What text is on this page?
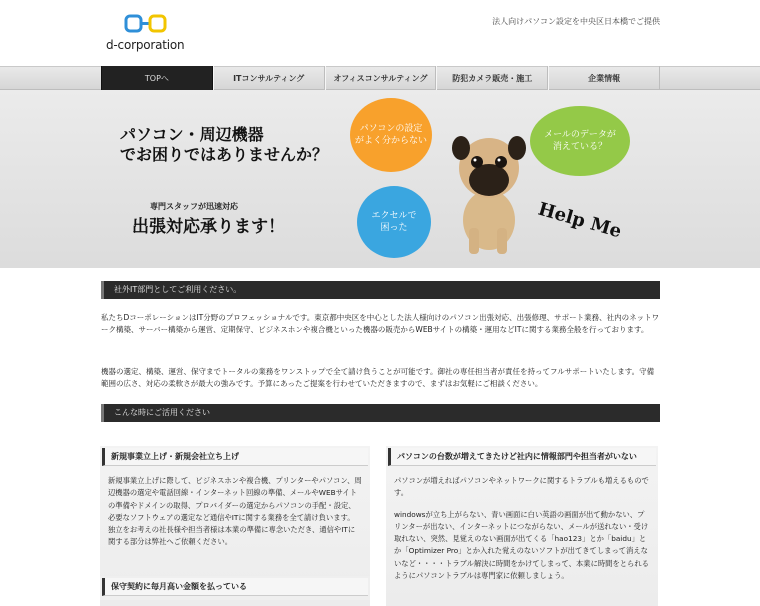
d-corporation
法人向けパソコン設定を中央区日本橋でご提供
TOPへ	ITコンサルティング	オフィスコンサルティング	防犯カメラ販売・施工	企業情報
パソコン・周辺機器
でお困りではありませんか？
専門スタッフが迅速対応
出張対応承ります！
パソコンの設定
がよく分からない
メールのデータが
消えている？
エクセルで
困った	Help Me
社外IT部門としてご利用ください。
私たちDコーポレーションはIT分野のプロフェッショナルです。東京都中央区を中心とした法人様向けのパソコン出張対応、出張修理、サポート業務、社内のネットワーク構築、サーバー構築から運営、定期保守、ビジネスホンや複合機といった機器の販売からWEBサイトの構築・運用などITに関する業務全般を行っております。
機器の選定、構築、運営、保守までトータルの業務をワンストップで全て請け負うことが可能です。御社の専任担当者が責任を持ってフルサポートいたします。守備範囲の広さ、対応の柔軟さが最大の強みです。予算にあったご提案を行わせていただきますので、まずはお気軽にご相談ください。
こんな時にご活用ください
新規事業立上げ・新規会社立ち上げ

新規事業立上げに際して、ビジネスホンや複合機、プリンターやパソコン、周辺機器の選定や電話回線・インターネット回線の準備、メールやWEBサイトの準備やドメインの取得、プロバイダーの選定からパソコンの手配・設定、必要なソフトウェアの選定など通信やITに関する業務を全て請け負います。 独立をお考えの社長様や担当者様は本業の準備に専念いただき、通信やITに関する部分は弊社へご依頼ください。

パソコンの台数が増えてきたけど社内に情報部門や担当者がいない

パソコンが増えればパソコンやネットワークに関するトラブルも増えるものです。

windowsが立ち上がらない、青い画面に白い英語の画面が出て動かない、プリンターが出ない、インターネットにつながらない、メールが送れない・受け取れない、突然、見覚えのない画面が出てくる「hao123」とか「baidu」とか「Optimizer Pro」とか入れた覚えのないソフトが出てきてしまって消えないなど・・・・トラブル解決に時間をかけてしまって、本業に時間をとられるようにパソコントラブルは専門家に依頼しましょう。

保守契約に毎月高い金額を払っている
